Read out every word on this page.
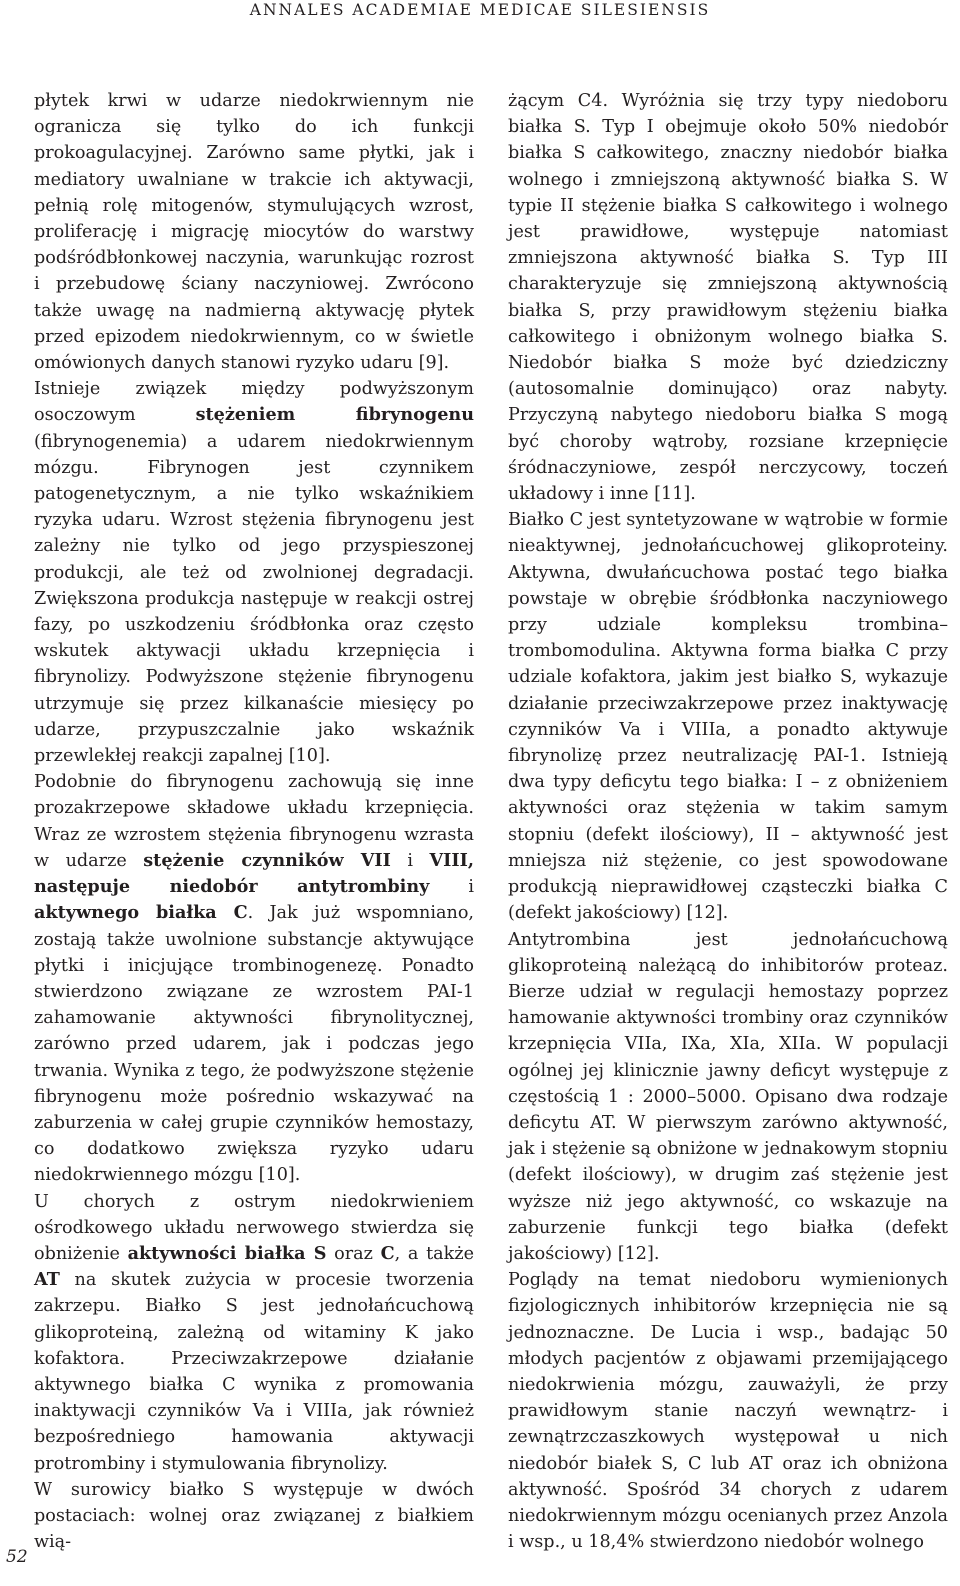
ANNALES ACADEMIAE MEDICAE SILESIENSIS

płytek krwi w udarze niedokrwiennym nie ogranicza się tylko do ich funkcji prokoagulacyjnej. Zarówno same płytki, jak i mediatory uwalniane w trakcie ich aktywacji, pełnią rolę mitogenów, stymulujących wzrost, proliferację i migrację miocytów do warstwy podśródbłonkowej naczynia, warunkując rozrost i przebudowę ściany naczyniowej. Zwrócono także uwagę na nadmierną aktywację płytek przed epizodem niedokrwiennym, co w świetle omówionych danych stanowi ryzyko udaru [9].

Istnieje związek między podwyższonym osoczowym stężeniem fibrynogenu (fibrynogenemia) a udarem niedokrwiennym mózgu. Fibrynogen jest czynnikem patogenetycznym, a nie tylko wskaźnikiem ryzyka udaru. Wzrost stężenia fibrynogenu jest zależny nie tylko od jego przyspieszonej produkcji, ale też od zwolnionej degradacji. Zwiększona produkcja następuje w reakcji ostrej fazy, po uszkodzeniu śródbłonka oraz często wskutek aktywacji układu krzepnięcia i fibrynolizy. Podwyższone stężenie fibrynogenu utrzymuje się przez kilkanaście miesięcy po udarze, przypuszczalnie jako wskaźnik przewlekłej reakcji zapalnej [10].

Podobnie do fibrynogenu zachowują się inne prozakrzepowe składowe układu krzepnięcia. Wraz ze wzrostem stężenia fibrynogenu wzrasta w udarze stężenie czynników VII i VIII, następuje niedobór antytrombiny i aktywnego białka C. Jak już wspomniano, zostają także uwolnione substancje aktywujące płytki i inicjujące trombinogenezę. Ponadto stwierdzono związane ze wzrostem PAI-1 zahamowanie aktywności fibrynolitycznej, zarówno przed udarem, jak i podczas jego trwania. Wynika z tego, że podwyższone stężenie fibrynogenu może pośrednio wskazywać na zaburzenia w całej grupie czynników hemostazy, co dodatkowo zwiększa ryzyko udaru niedokrwiennego mózgu [10].

U chorych z ostrym niedokrwieniem ośrodkowego układu nerwowego stwierdza się obniżenie aktywności białka S oraz C, a także AT na skutek zużycia w procesie tworzenia zakrzepu. Białko S jest jednołańcuchową glikoproteiną, zależną od witaminy K jako kofaktora. Przeciwzakrzepowe działanie aktywnego białka C wynika z promowania inaktywacji czynników Va i VIIIa, jak również bezpośredniego hamowania aktywacji protrombiny i stymulowania fibrynolizy.

W surowicy białko S występuje w dwóch postaciach: wolnej oraz związanej z białkiem wią-

żącym C4. Wyróżnia się trzy typy niedoboru białka S. Typ I obejmuje około 50% niedobór białka S całkowitego, znaczny niedobór białka wolnego i zmniejszoną aktywność białka S. W typie II stężenie białka S całkowitego i wolnego jest prawidłowe, występuje natomiast zmniejszona aktywność białka S. Typ III charakteryzuje się zmniejszoną aktywnością białka S, przy prawidłowym stężeniu białka całkowitego i obniżonym wolnego białka S. Niedobór białka S może być dziedziczny (autosomalnie dominująco) oraz nabyty. Przyczyną nabytego niedoboru białka S mogą być choroby wątroby, rozsiane krzepnięcie śródnaczyniowe, zespół nerczycowy, toczeń układowy i inne [11].

Białko C jest syntetyzowane w wątrobie w formie nieaktywnej, jednołańcuchowej glikoproteiny. Aktywna, dwułańcuchowa postać tego białka powstaje w obrębie śródbłonka naczyniowego przy udziale kompleksu trombina–trombomodulina. Aktywna forma białka C przy udziale kofaktora, jakim jest białko S, wykazuje działanie przeciwzakrzepowe przez inaktywację czynników Va i VIIIa, a ponadto aktywuje fibrynolizę przez neutralizację PAI-1. Istnieją dwa typy deficytu tego białka: I – z obniżeniem aktywności oraz stężenia w takim samym stopniu (defekt ilościowy), II – aktywność jest mniejsza niż stężenie, co jest spowodowane produkcją nieprawidłowej cząsteczki białka C (defekt jakościowy) [12].

Antytrombina jest jednołańcuchową glikoproteiną należącą do inhibitorów proteaz. Bierze udział w regulacji hemostazy poprzez hamowanie aktywności trombiny oraz czynników krzepnięcia VIIa, IXa, XIa, XIIa. W populacji ogólnej jej klinicznie jawny deficyt występuje z częstością 1 : 2000–5000. Opisano dwa rodzaje deficytu AT. W pierwszym zarówno aktywność, jak i stężenie są obniżone w jednakowym stopniu (defekt ilościowy), w drugim zaś stężenie jest wyższe niż jego aktywność, co wskazuje na zaburzenie funkcji tego białka (defekt jakościowy) [12].

Poglądy na temat niedoboru wymienionych fizjologicznych inhibitorów krzepnięcia nie są jednoznaczne. De Lucia i wsp., badając 50 młodych pacjentów z objawami przemijającego niedokrwienia mózgu, zauważyli, że przy prawidłowym stanie naczyń wewnątrz- i zewnątrzczaszkowych występował u nich niedobór białek S, C lub AT oraz ich obniżona aktywność. Spośród 34 chorych z udarem niedokrwiennym mózgu ocenianych przez Anzola i wsp., u 18,4% stwierdzono niedobór wolnego

52
